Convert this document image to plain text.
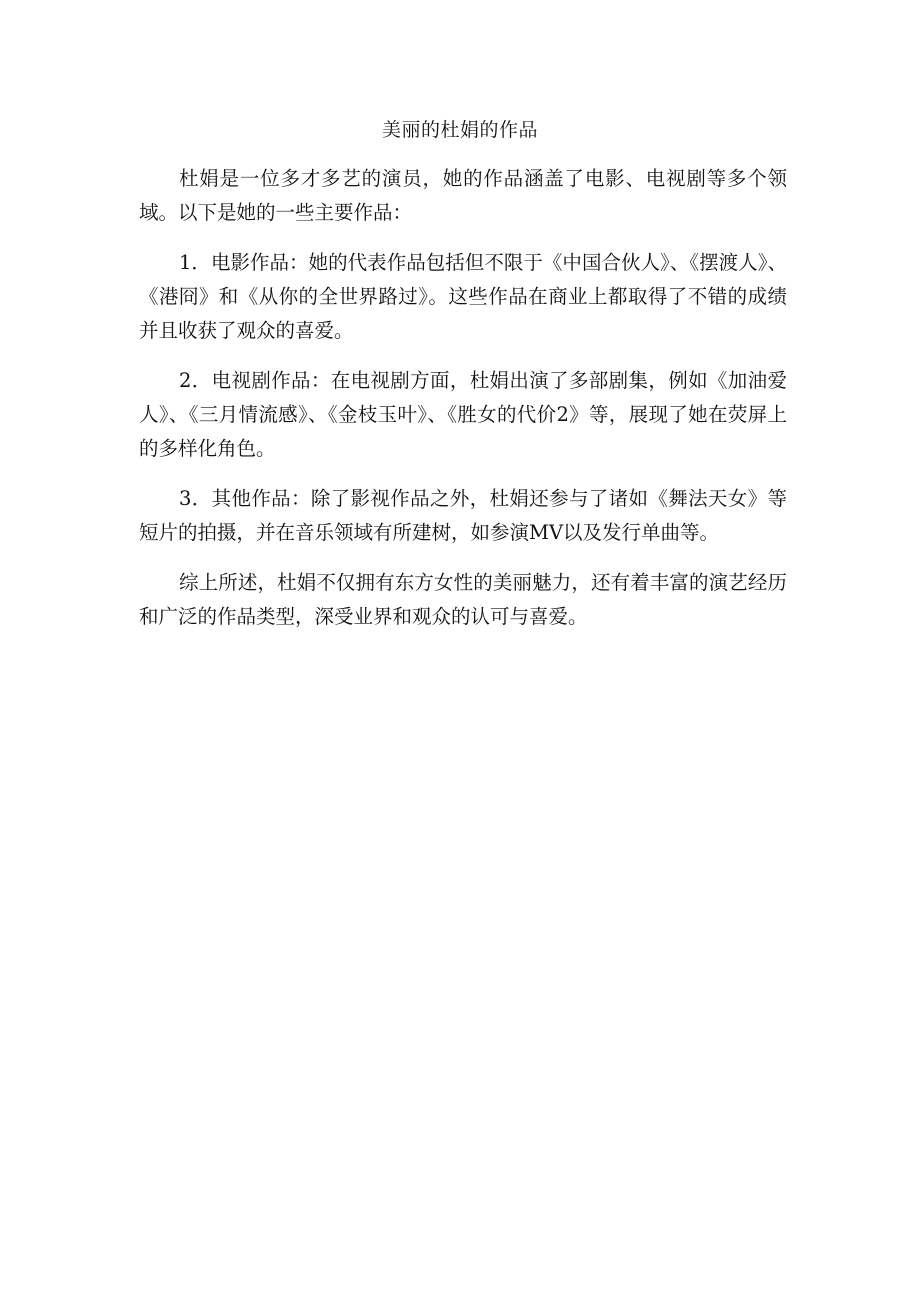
美丽的杜娟的作品

杜娟是一位多才多艺的演员，她的作品涵盖了电影、电视剧等多个领域。以下是她的一些主要作品：

1．电影作品：她的代表作品包括但不限于《中国合伙人》、《摆渡人》、《港冏》和《从你的全世界路过》。这些作品在商业上都取得了不错的成绩并且收获了观众的喜爱。

2．电视剧作品：在电视剧方面，杜娟出演了多部剧集，例如《加油爱人》、《三月情流感》、《金枝玉叶》、《胜女的代价2》等，展现了她在荧屏上的多样化角色。

3．其他作品：除了影视作品之外，杜娟还参与了诸如《舞法天女》等短片的拍摄，并在音乐领域有所建树，如参演MV以及发行单曲等。

综上所述，杜娟不仅拥有东方女性的美丽魅力，还有着丰富的演艺经历和广泛的作品类型，深受业界和观众的认可与喜爱。
